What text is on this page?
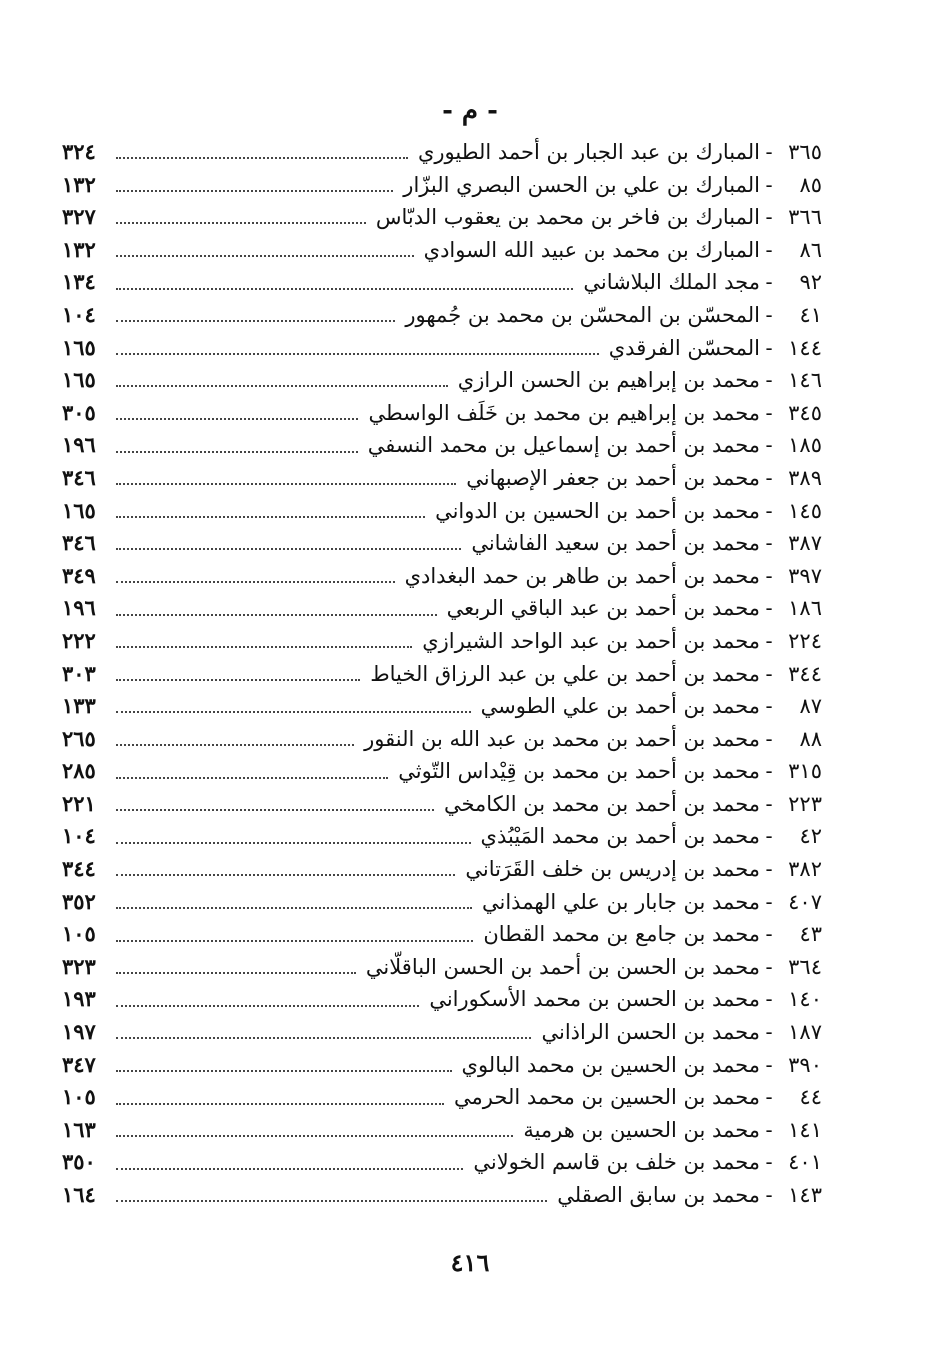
- م -
٣٦٥
-
المبارك بن عبد الجبار بن أحمد الطيوري
٣٢٤
٨٥
-
المبارك بن علي بن الحسن البصري البزّار
١٣٢
٣٦٦
-
المبارك بن فاخر بن محمد بن يعقوب الدبّاس
٣٢٧
٨٦
-
المبارك بن محمد بن عبيد الله السوادي
١٣٢
٩٢
-
مجد الملك البلاشاني
١٣٤
٤١
-
المحسّن بن المحسّن بن محمد بن جُمهور
١٠٤
١٤٤
-
المحسّن الفرقدي
١٦٥
١٤٦
-
محمد بن إبراهيم بن الحسن الرازي
١٦٥
٣٤٥
-
محمد بن إبراهيم بن محمد بن خَلَف الواسطي
٣٠٥
١٨٥
-
محمد بن أحمد بن إسماعيل بن محمد النسفي
١٩٦
٣٨٩
-
محمد بن أحمد بن جعفر الإصبهاني
٣٤٦
١٤٥
-
محمد بن أحمد بن الحسين بن الدواني
١٦٥
٣٨٧
-
محمد بن أحمد بن سعيد الفاشاني
٣٤٦
٣٩٧
-
محمد بن أحمد بن طاهر بن حمد البغدادي
٣٤٩
١٨٦
-
محمد بن أحمد بن عبد الباقي الربعي
١٩٦
٢٢٤
-
محمد بن أحمد بن عبد الواحد الشيرازي
٢٢٢
٣٤٤
-
محمد بن أحمد بن علي بن عبد الرزاق الخياط
٣٠٣
٨٧
-
محمد بن أحمد بن علي الطوسي
١٣٣
٨٨
-
محمد بن أحمد بن محمد بن عبد الله بن النقور
٢٦٥
٣١٥
-
محمد بن أحمد بن محمد بن قِيْداس التّوثي
٢٨٥
٢٢٣
-
محمد بن أحمد بن محمد بن الكامخي
٢٢١
٤٢
-
محمد بن أحمد بن محمد المَيْبُذي
١٠٤
٣٨٢
-
محمد بن إدريس بن خلف القَرَتاني
٣٤٤
٤٠٧
-
محمد بن جابار بن علي الهمذاني
٣٥٢
٤٣
-
محمد بن جامع بن محمد القطان
١٠٥
٣٦٤
-
محمد بن الحسن بن أحمد بن الحسن الباقلّاني
٣٢٣
١٤٠
-
محمد بن الحسن بن محمد الأسكوراني
١٩٣
١٨٧
-
محمد بن الحسن الراذاني
١٩٧
٣٩٠
-
محمد بن الحسين بن محمد البالوي
٣٤٧
٤٤
-
محمد بن الحسين بن محمد الحرمي
١٠٥
١٤١
-
محمد بن الحسين بن هرمية
١٦٣
٤٠١
-
محمد بن خلف بن قاسم الخولاني
٣٥٠
١٤٣
-
محمد بن سابق الصقلي
١٦٤
٤١٦
